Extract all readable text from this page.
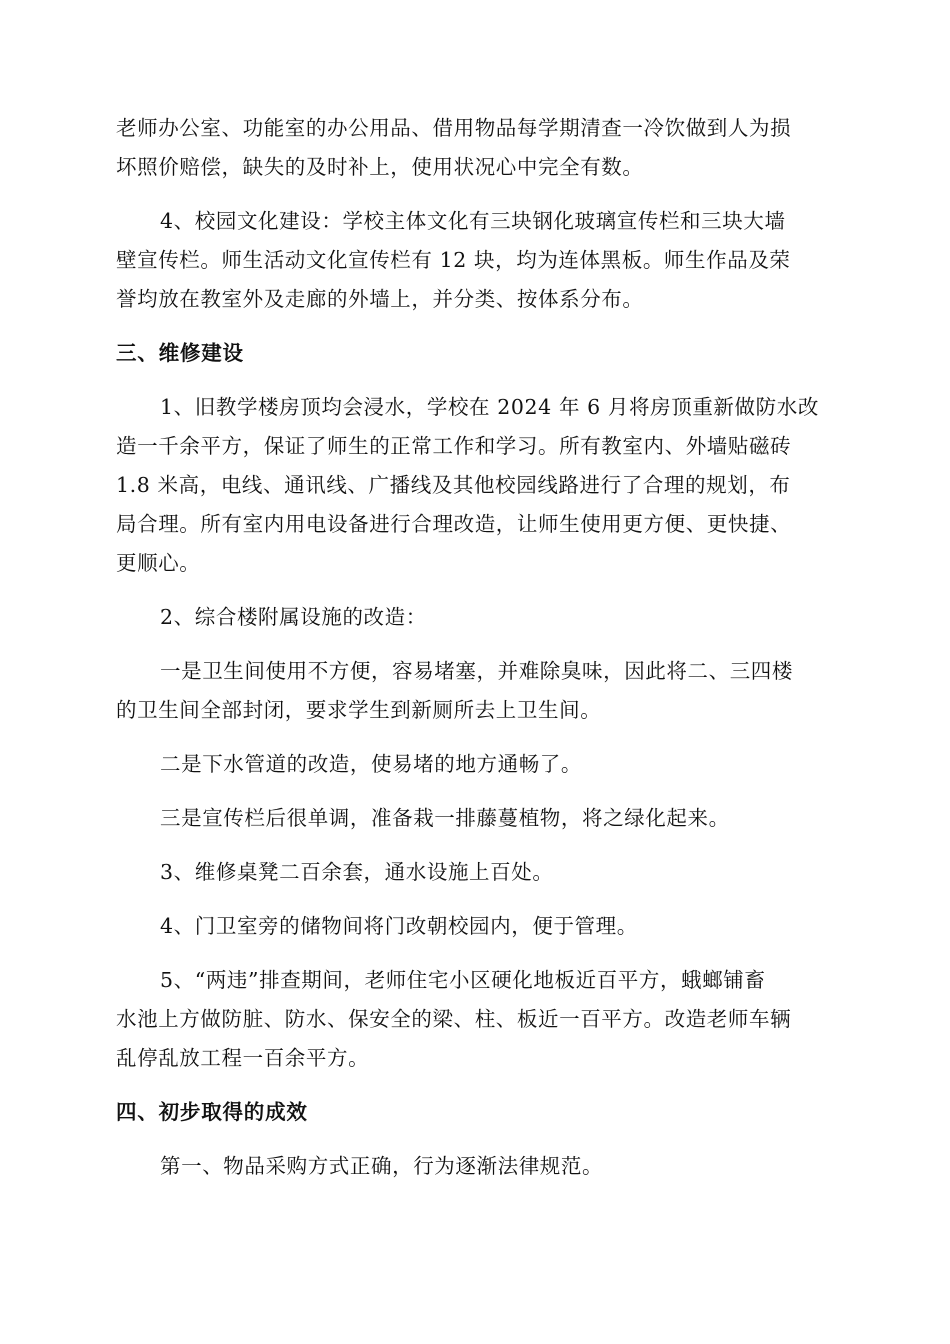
老师办公室、功能室的办公用品、借用物品每学期清查一冷饮做到人为损
坏照价赔偿，缺失的及时补上，使用状况心中完全有数。
4、校园文化建设：学校主体文化有三块钢化玻璃宣传栏和三块大墙
壁宣传栏。师生活动文化宣传栏有 12 块，均为连体黑板。师生作品及荣
誉均放在教室外及走廊的外墙上，并分类、按体系分布。
三、维修建设
1、旧教学楼房顶均会浸水，学校在 2024 年 6 月将房顶重新做防水改
造一千余平方，保证了师生的正常工作和学习。所有教室内、外墙贴磁砖
1.8 米高，电线、通讯线、广播线及其他校园线路进行了合理的规划，布
局合理。所有室内用电设备进行合理改造，让师生使用更方便、更快捷、
更顺心。
2、综合楼附属设施的改造：
一是卫生间使用不方便，容易堵塞，并难除臭味，因此将二、三四楼
的卫生间全部封闭，要求学生到新厕所去上卫生间。
二是下水管道的改造，使易堵的地方通畅了。
三是宣传栏后很单调，准备栽一排藤蔓植物，将之绿化起来。
3、维修桌凳二百余套，通水设施上百处。
4、门卫室旁的储物间将门改朝校园内，便于管理。
5、“两违”排查期间，老师住宅小区硬化地板近百平方，蛾螂铺畜
水池上方做防脏、防水、保安全的梁、柱、板近一百平方。改造老师车辆
乱停乱放工程一百余平方。
四、初步取得的成效
第一、物品采购方式正确，行为逐渐法律规范。
